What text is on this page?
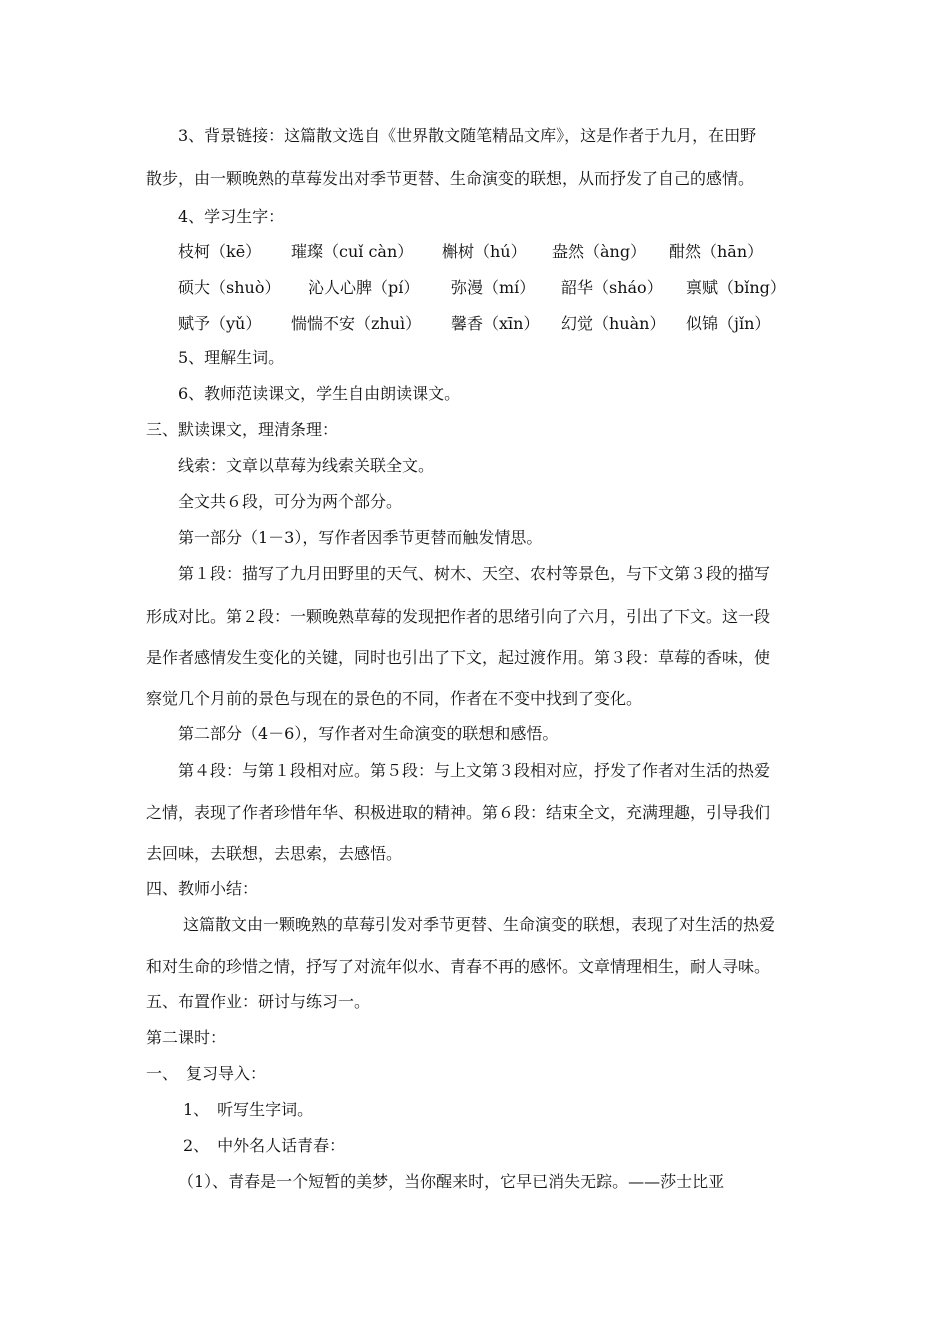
3、背景链接：这篇散文选自《世界散文随笔精品文库》，这是作者于九月，在田野
散步，由一颗晚熟的草莓发出对季节更替、生命演变的联想，从而抒发了自己的感情。
4、学习生字：
枝柯（kē） 璀璨（cuǐ càn） 槲树（hú） 盎然（àng） 酣然（hān）
硕大（shuò） 沁人心脾（pí） 弥漫（mí） 韶华（sháo） 禀赋（bǐng）
赋予（yǔ） 惴惴不安（zhuì） 馨香（xīn） 幻觉（huàn） 似锦（jǐn）
5、理解生词。
6、教师范读课文，学生自由朗读课文。
三、默读课文，理清条理：
线索：文章以草莓为线索关联全文。
全文共６段，可分为两个部分。
第一部分（1－3），写作者因季节更替而触发情思。
第１段：描写了九月田野里的天气、树木、天空、农村等景色，与下文第３段的描写
形成对比。第２段：一颗晚熟草莓的发现把作者的思绪引向了六月，引出了下文。这一段
是作者感情发生变化的关键，同时也引出了下文，起过渡作用。第３段：草莓的香味，使
察觉几个月前的景色与现在的景色的不同，作者在不变中找到了变化。
第二部分（4－6），写作者对生命演变的联想和感悟。
第４段：与第１段相对应。第５段：与上文第３段相对应，抒发了作者对生活的热爱
之情，表现了作者珍惜年华、积极进取的精神。第６段：结束全文，充满理趣，引导我们
去回味，去联想，去思索，去感悟。
四、教师小结：
这篇散文由一颗晚熟的草莓引发对季节更替、生命演变的联想，表现了对生活的热爱
和对生命的珍惜之情，抒写了对流年似水、青春不再的感怀。文章情理相生，耐人寻味。
五、布置作业：研讨与练习一。
第二课时：
一、　复习导入：
1、　听写生字词。
2、　中外名人话青春：
（1）、青春是一个短暂的美梦，当你醒来时，它早已消失无踪。——莎士比亚
